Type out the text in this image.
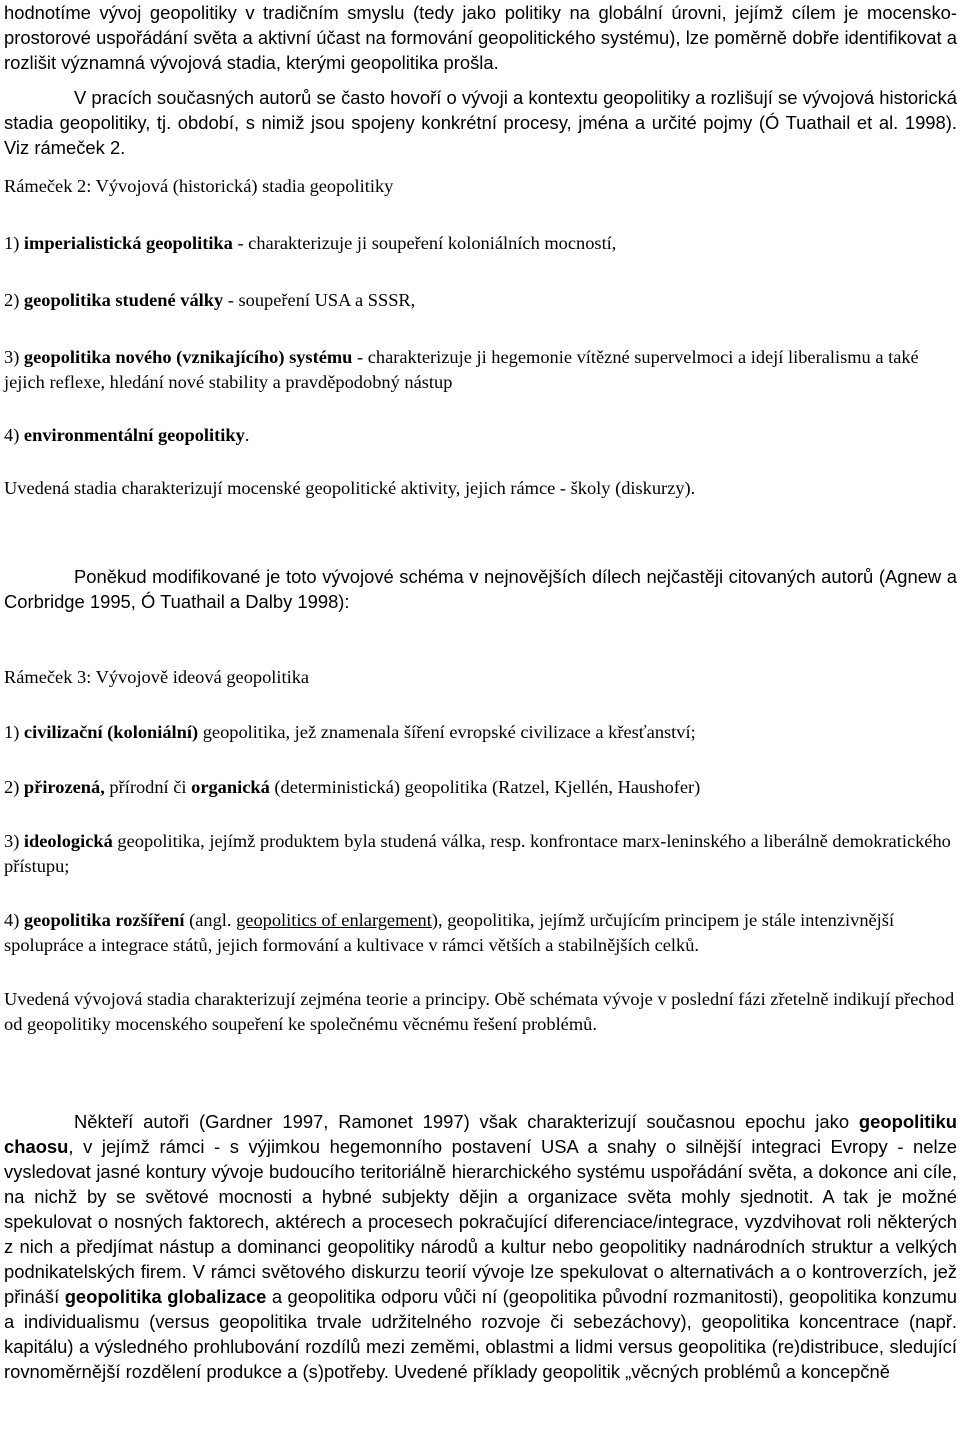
hodnotíme vývoj geopolitiky v tradičním smyslu (tedy jako politiky na globální úrovni, jejímž cílem je mocensko-prostorové uspořádání světa a aktivní účast na formování geopolitického systému), lze poměrně dobře identifikovat a rozlišit významná vývojová stadia, kterými geopolitika prošla.

V pracích současných autorů se často hovoří o vývoji a kontextu geopolitiky a rozlišují se vývojová historická stadia geopolitiky, tj. období, s nimiž jsou spojeny konkrétní procesy, jména a určité pojmy (Ó Tuathail et al. 1998). Viz rámeček 2.

Rámeček 2: Vývojová (historická) stadia geopolitiky

1) imperialistická geopolitika - charakterizuje ji soupeření koloniálních mocností,

2) geopolitika studené války - soupeření USA a SSSR,

3) geopolitika nového (vznikajícího) systému - charakterizuje ji hegemonie vítězné supervelmoci a idejí liberalismu a také jejich reflexe, hledání nové stability a pravděpodobný nástup

4) environmentální geopolitiky.

Uvedená stadia charakterizují mocenské geopolitické aktivity, jejich rámce - školy (diskurzy).

Poněkud modifikované je toto vývojové schéma v nejnovějších dílech nejčastěji citovaných autorů (Agnew a Corbridge 1995, Ó Tuathail a Dalby 1998):

Rámeček 3: Vývojově ideová geopolitika

1) civilizační (koloniální) geopolitika, jež znamenala šíření evropské civilizace a křesťanství;

2) přirozená, přírodní či organická (deterministická) geopolitika (Ratzel, Kjellén, Haushofer)

3) ideologická geopolitika, jejímž produktem byla studená válka, resp. konfrontace marx-leninského a liberálně demokratického přístupu;

4) geopolitika rozšíření (angl. geopolitics of enlargement), geopolitika, jejímž určujícím principem je stále intenzivnější spolupráce a integrace států, jejich formování a kultivace v rámci větších a stabilnějších celků.

Uvedená vývojová stadia charakterizují zejména teorie a principy. Obě schémata vývoje v poslední fázi zřetelně indikují přechod od geopolitiky mocenského soupeření ke společnému věcnému řešení problémů.

Někteří autoři (Gardner 1997, Ramonet 1997) však charakterizují současnou epochu jako geopolitiku chaosu, v jejímž rámci - s výjimkou hegemonního postavení USA a snahy o silnější integraci Evropy - nelze vysledovat jasné kontury vývoje budoucího teritoriálně hierarchického systému uspořádání světa, a dokonce ani cíle, na nichž by se světové mocnosti a hybné subjekty dějin a organizace světa mohly sjednotit. A tak je možné spekulovat o nosných faktorech, aktérech a procesech pokračující diferenciace/integrace, vyzdvihovat roli některých z nich a předjímat nástup a dominanci geopolitiky národů a kultur nebo geopolitiky nadnárodních struktur a velkých podnikatelských firem. V rámci světového diskurzu teorií vývoje lze spekulovat o alternativách a o kontroverzích, jež přináší geopolitika globalizace a geopolitika odporu vůči ní (geopolitika původní rozmanitosti), geopolitika konzumu a individualismu (versus geopolitika trvale udržitelného rozvoje či sebezáchovy), geopolitika koncentrace (např. kapitálu) a výsledného prohlubování rozdílů mezi zeměmi, oblastmi a lidmi versus geopolitika (re)distribuce, sledující rovnoměrnější rozdělení produkce a (s)potřeby. Uvedené příklady geopolitik „věcných problémů a koncepčně
